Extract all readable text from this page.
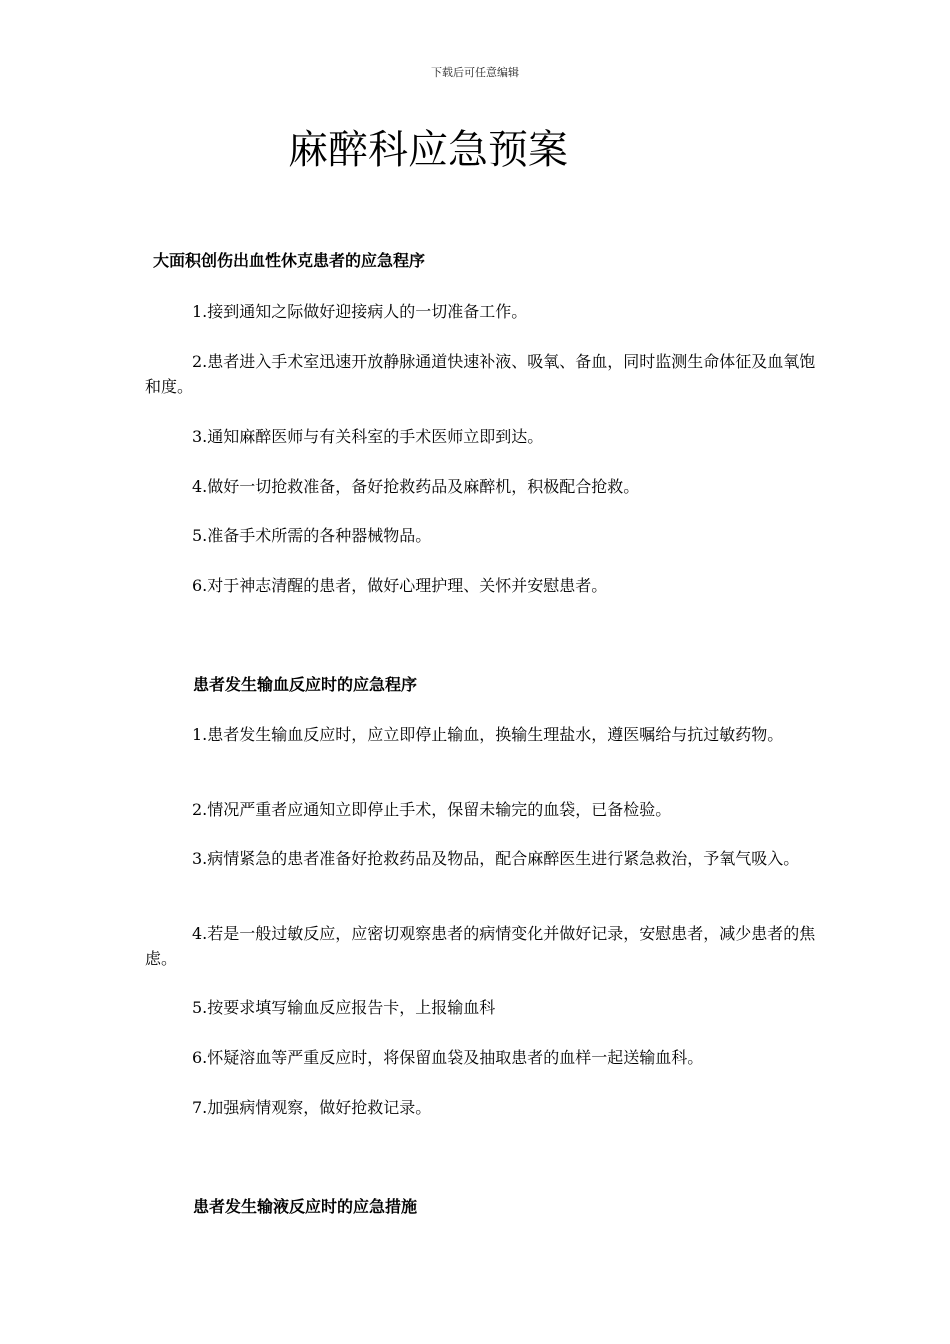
下载后可任意编辑
麻醉科应急预案
大面积创伤出血性休克患者的应急程序

1.接到通知之际做好迎接病人的一切准备工作。

2.患者进入手术室迅速开放静脉通道快速补液、吸氧、备血，同时监测生命体征及血氧饱和度。

3.通知麻醉医师与有关科室的手术医师立即到达。

4.做好一切抢救准备，备好抢救药品及麻醉机，积极配合抢救。

5.准备手术所需的各种器械物品。

6.对于神志清醒的患者，做好心理护理、关怀并安慰患者。

患者发生输血反应时的应急程序

1.患者发生输血反应时，应立即停止输血，换输生理盐水，遵医嘱给与抗过敏药物。

2.情况严重者应通知立即停止手术，保留未输完的血袋，已备检验。

3.病情紧急的患者准备好抢救药品及物品，配合麻醉医生进行紧急救治，予氧气吸入。

4.若是一般过敏反应，应密切观察患者的病情变化并做好记录，安慰患者，减少患者的焦虑。

5.按要求填写输血反应报告卡，上报输血科

6.怀疑溶血等严重反应时，将保留血袋及抽取患者的血样一起送输血科。

7.加强病情观察，做好抢救记录。

患者发生输液反应时的应急措施
